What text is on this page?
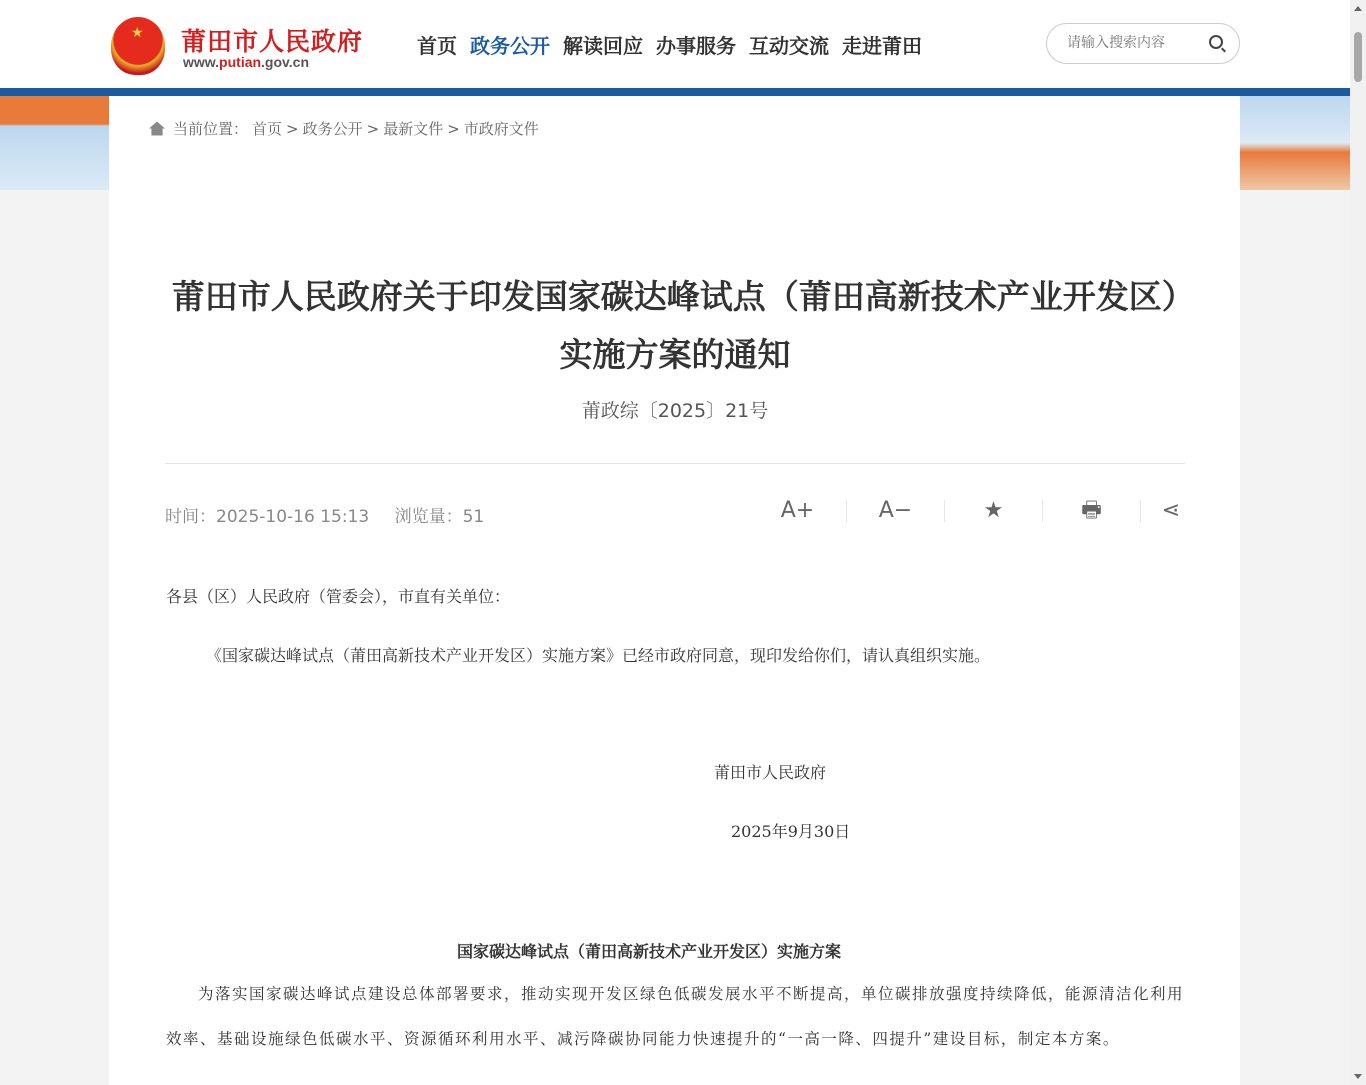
★ 莆田市人民政府
www.putian.gov.cn
首页 政务公开 解读回应 办事服务 互动交流 走进莆田
请输入搜索内容
当前位置： 首页 > 政务公开 > 最新文件 > 市政府文件
莆田市人民政府关于印发国家碳达峰试点（莆田高新技术产业开发区）实施方案的通知
莆政综〔2025〕21号
时间：2025-10-16 15:13 浏览量：51	A+	A−	★	🖶	⋖
各县（区）人民政府（管委会），市直有关单位：
《国家碳达峰试点（莆田高新技术产业开发区）实施方案》已经市政府同意，现印发给你们，请认真组织实施。
莆田市人民政府
2025年9月30日
国家碳达峰试点（莆田高新技术产业开发区）实施方案
为落实国家碳达峰试点建设总体部署要求，推动实现开发区绿色低碳发展水平不断提高，单位碳排放强度持续降低，能源清洁化利用效率、基础设施绿色低碳水平、资源循环利用水平、减污降碳协同能力快速提升的“一高一降、四提升”建设目标，制定本方案。
